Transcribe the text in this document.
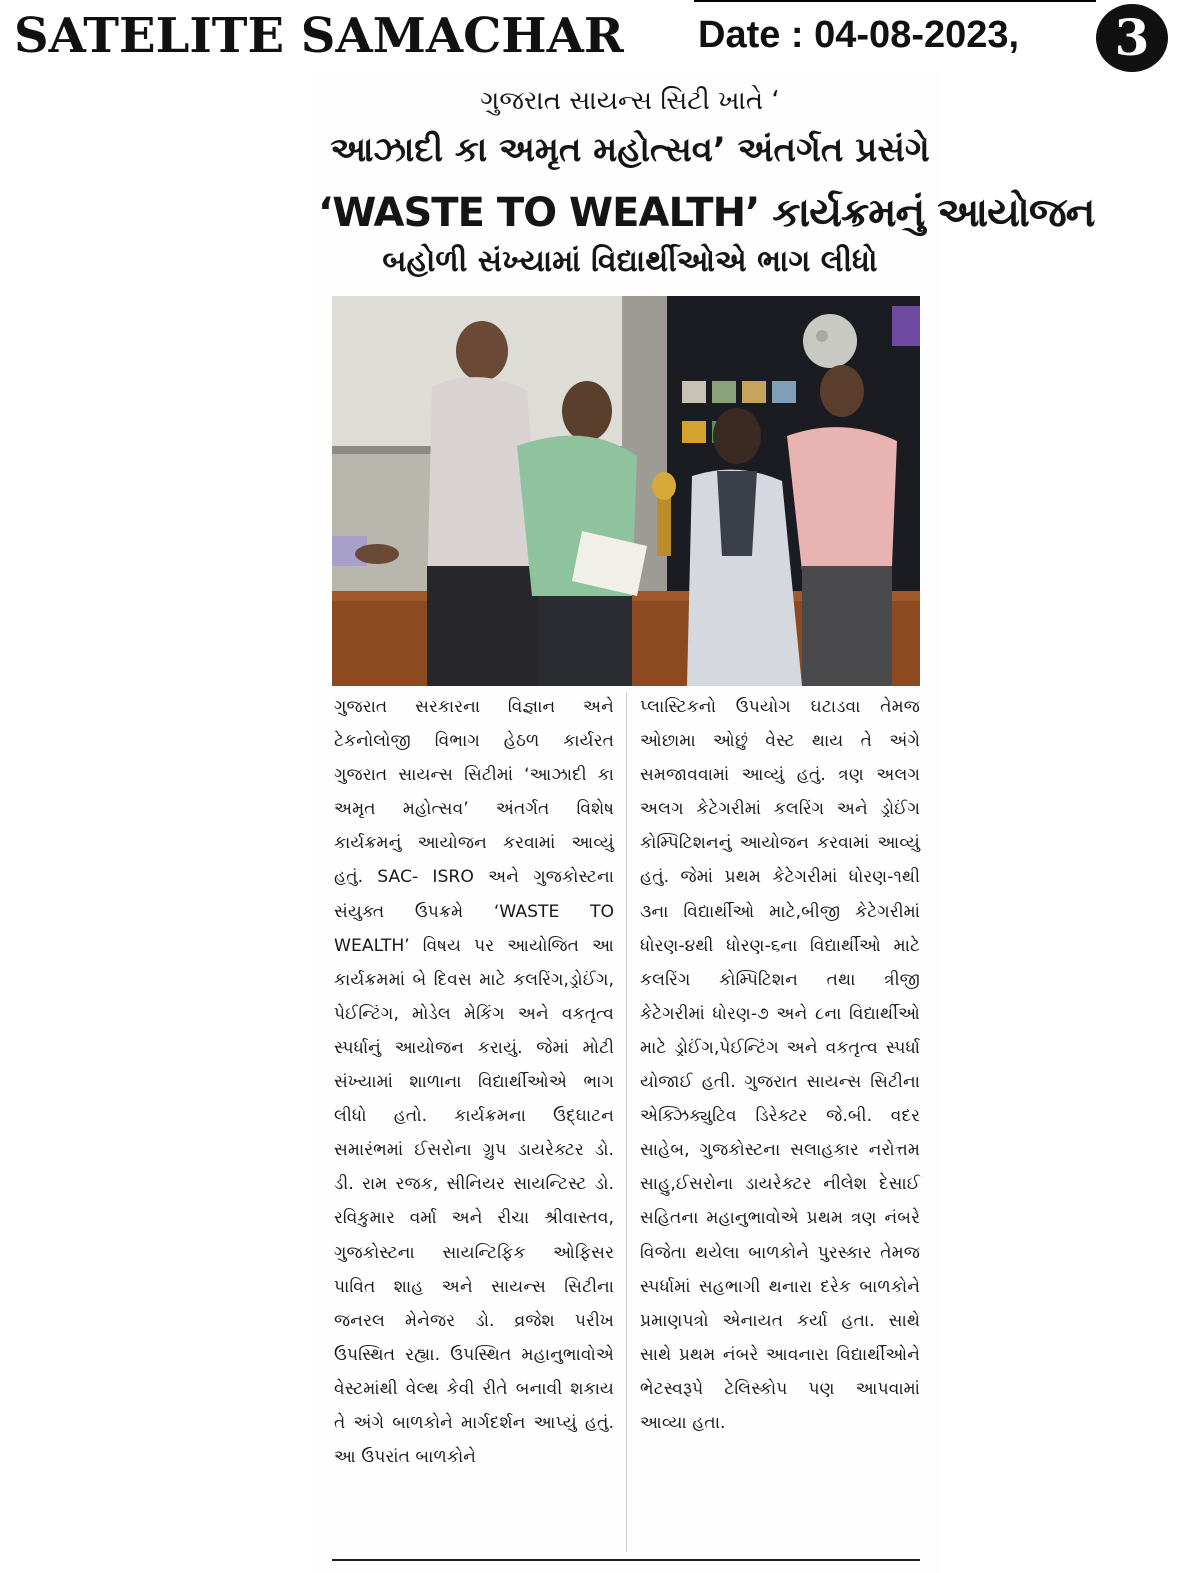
SATELITE SAMACHAR Date : 04-08-2023,	3
ગુજરાત સાયન્સ સિટી ખાતે ‘
આઝાદી કા અમૃત મહોત્સવ’ અંતર્ગત પ્રસંગે
‘WASTE TO WEALTH’ કાર્યક્રમનું આયોજન
બહોળી સંખ્યામાં વિદ્યાર્થીઓએ ભાગ લીધો
ગુજરાત સરકારના વિજ્ઞાન અને ટેકનોલોજી વિભાગ હેઠળ કાર્યરત ગુજરાત સાયન્સ સિટીમાં ‘આઝાદી કા અમૃત મહોત્સવ’ અંતર્ગત વિશેષ કાર્યક્રમનું આયોજન કરવામાં આવ્યું હતું. SAC- ISRO અને ગુજકોસ્ટના સંયુક્ત ઉપક્રમે ‘WASTE TO WEALTH’ વિષય પર આયોજિત આ કાર્યક્રમમાં બે દિવસ માટે કલરિંગ,ડ્રોઈંગ, પેઈન્ટિંગ, મોડેલ મેકિંગ અને વકતૃત્વ સ્પર્ધાનું આયોજન કરાયું. જેમાં મોટી સંખ્યામાં શાળાના વિદ્યાર્થીઓએ ભાગ લીધો હતો. કાર્યક્રમના ઉદ્ઘાટન સમારંભમાં ઈસરોના ગ્રુપ ડાયરેક્ટર ડો. ડી. રામ રજક, સીનિયર સાયન્ટિસ્ટ ડો. રવિકુમાર વર્મા અને રીચા શ્રીવાસ્તવ, ગુજકોસ્ટના સાયન્ટિફિક ઓફિસર પાવિત શાહ અને સાયન્સ સિટીના જનરલ મેનેજર ડો. વ્રજેશ પરીખ ઉપસ્થિત રહ્યા. ઉપસ્થિત મહાનુભાવોએ વેસ્ટમાંથી વેલ્થ કેવી રીતે બનાવી શકાય તે અંગે બાળકોને માર્ગદર્શન આપ્યું હતું. આ ઉપરાંત બાળકોને
પ્લાસ્ટિકનો ઉપયોગ ઘટાડવા તેમજ ઓછામા ઓછું વેસ્ટ થાય તે અંગે સમજાવવામાં આવ્યું હતું. ત્રણ અલગ અલગ કેટેગરીમાં કલરિંગ અને ડ્રોઈંગ કોમ્પિટિશનનું આયોજન કરવામાં આવ્યું હતું. જેમાં પ્રથમ કેટેગરીમાં ધોરણ-૧થી ૩ના વિદ્યાર્થીઓ માટે,બીજી કેટેગરીમાં ધોરણ-૪થી ધોરણ-૬ના વિદ્યાર્થીઓ માટે કલરિંગ કોમ્પિટિશન તથા ત્રીજી કેટેગરીમાં ધોરણ-૭ અને ૮ના વિદ્યાર્થીઓ માટે ડ્રોઈંગ,પેઈન્ટિંગ અને વકતૃત્વ સ્પર્ધા યોજાઈ હતી. ગુજરાત સાયન્સ સિટીના એક્ઝિક્યુટિવ ડિરેક્ટર જે.બી. વદર સાહેબ, ગુજકોસ્ટના સલાહકાર નરોત્તમ સાહુ,ઈસરોના ડાયરેક્ટર નીલેશ દેસાઈ સહિતના મહાનુભાવોએ પ્રથમ ત્રણ નંબરે વિજેતા થયેલા બાળકોને પુરસ્કાર તેમજ સ્પર્ધામાં સહભાગી થનારા દરેક બાળકોને પ્રમાણપત્રો એનાયત કર્યા હતા. સાથે સાથે પ્રથમ નંબરે આવનારા વિદ્યાર્થીઓને ભેટસ્વરૂપે ટેલિસ્કોપ પણ આપવામાં આવ્યા હતા.
